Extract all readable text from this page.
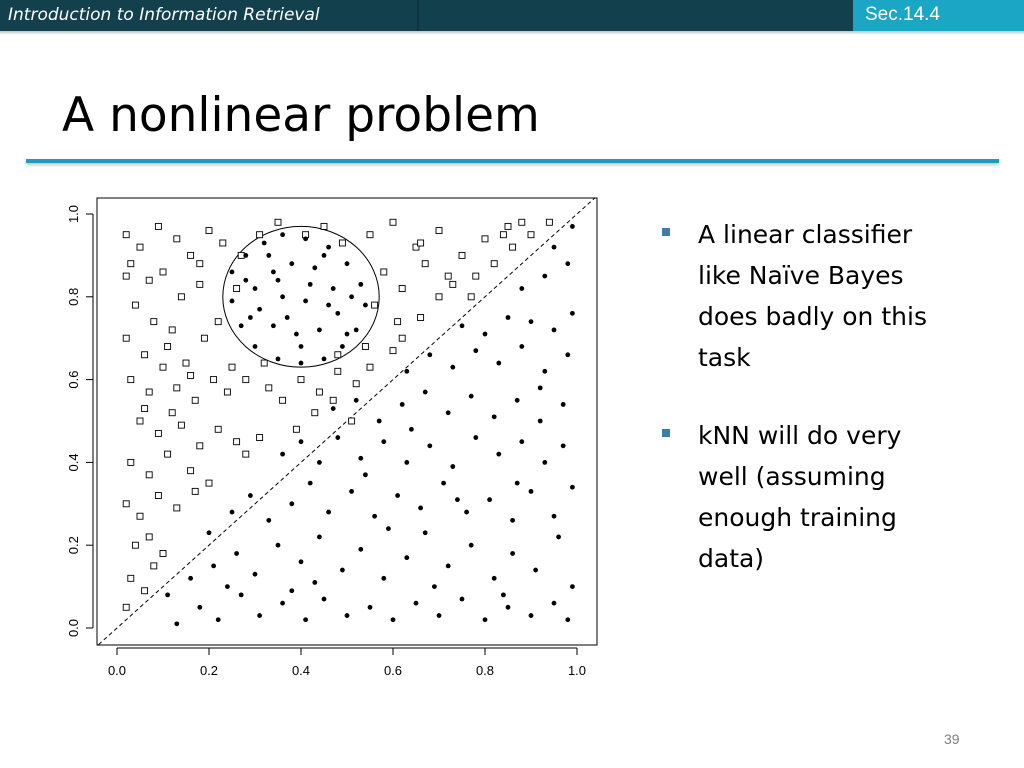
Introduction to Information Retrieval	Sec.14.4
A nonlinear problem
0.0	0.2	0.4	0.6	0.8	1.0
0.0
0.2
0.4
0.6
0.8
1.0
A linear classifier like Naïve Bayes does badly on this task
kNN will do very well (assuming enough training data)
39
